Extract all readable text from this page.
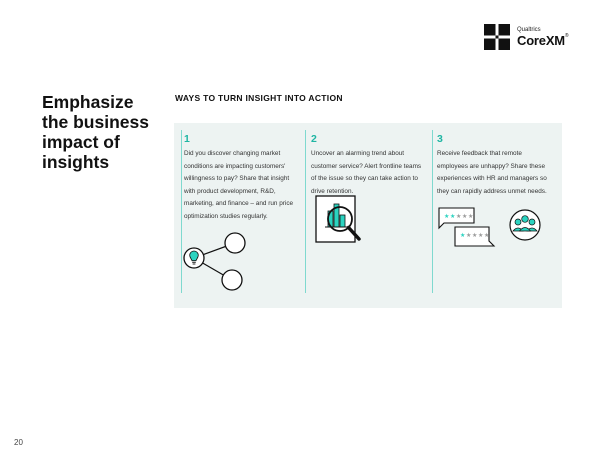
Qualtrics
CoreXM®
Emphasize the business impact of insights
WAYS TO TURN INSIGHT INTO ACTION
1
Did you discover changing market conditions are impacting customers' willingness to pay? Share that insight with product development, R&D, marketing, and finance – and run price optimization studies regularly.
2
Uncover an alarming trend about customer service? Alert frontline teams of the issue so they can take action to drive retention.
3
Receive feedback that remote employees are unhappy? Share these experiences with HR and managers so they can rapidly address unmet needs.
★ ★ ★ ★ ★
★ ★ ★ ★ ★
20
